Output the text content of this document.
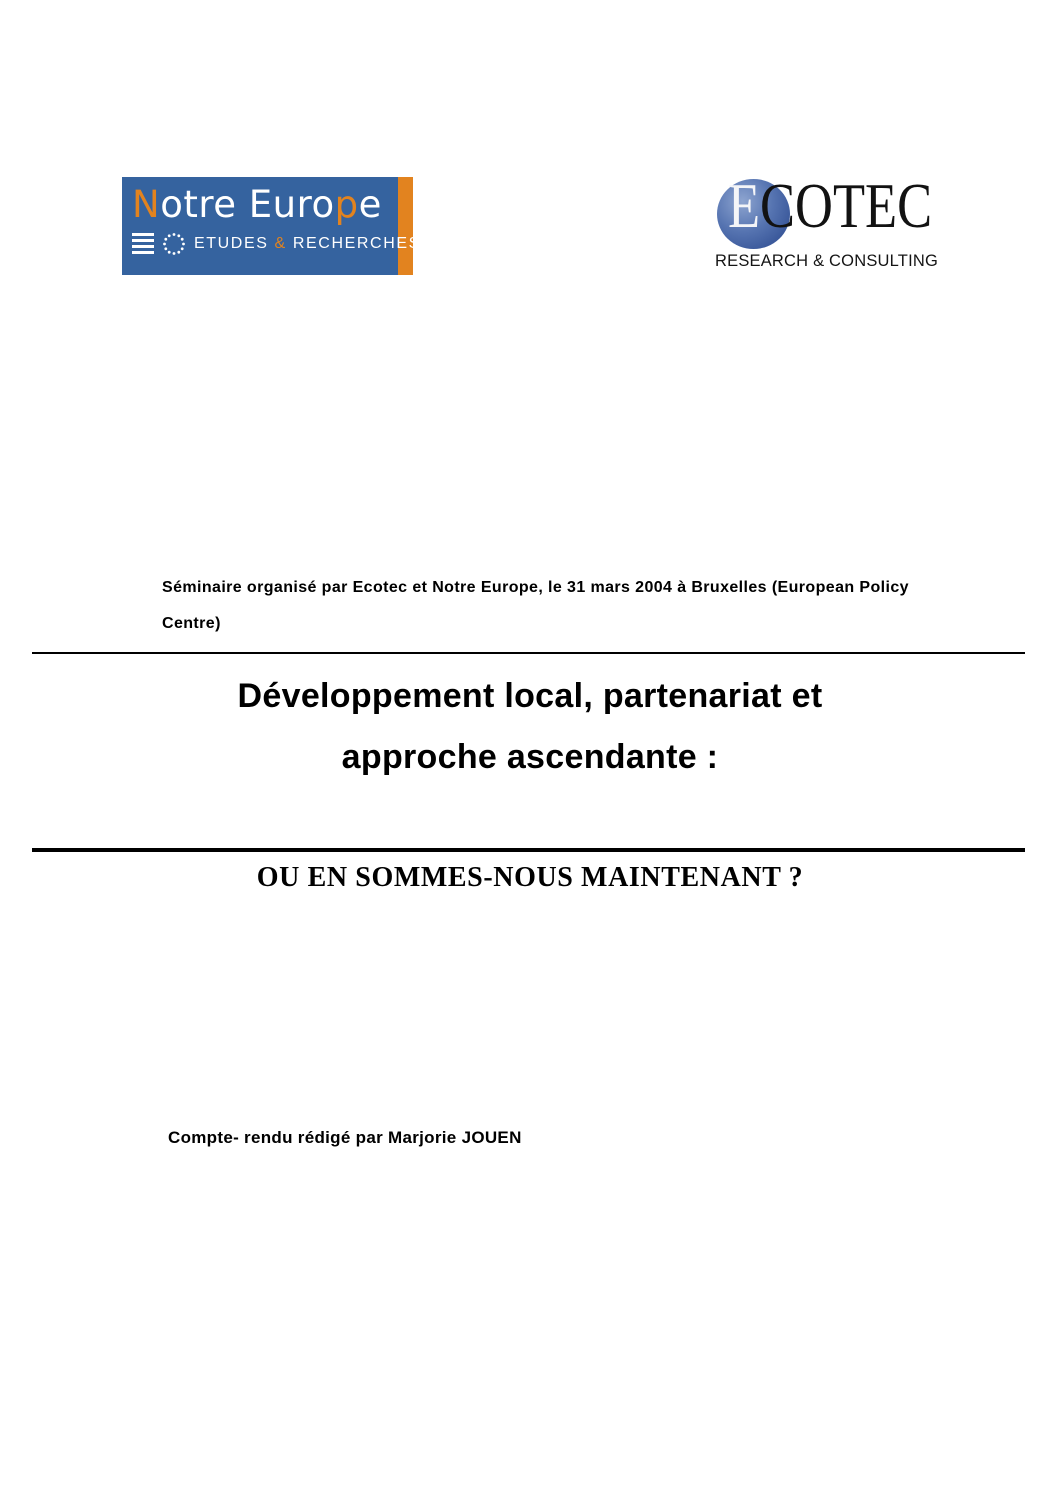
Notre Europe
ETUDES & RECHERCHES
ECOTEC
RESEARCH & CONSULTING

Séminaire organisé par Ecotec et Notre Europe, le 31 mars 2004 à Bruxelles (European Policy Centre)

Développement local, partenariat et
approche ascendante :
OU EN SOMMES-NOUS MAINTENANT ?

Compte- rendu rédigé par Marjorie JOUEN
